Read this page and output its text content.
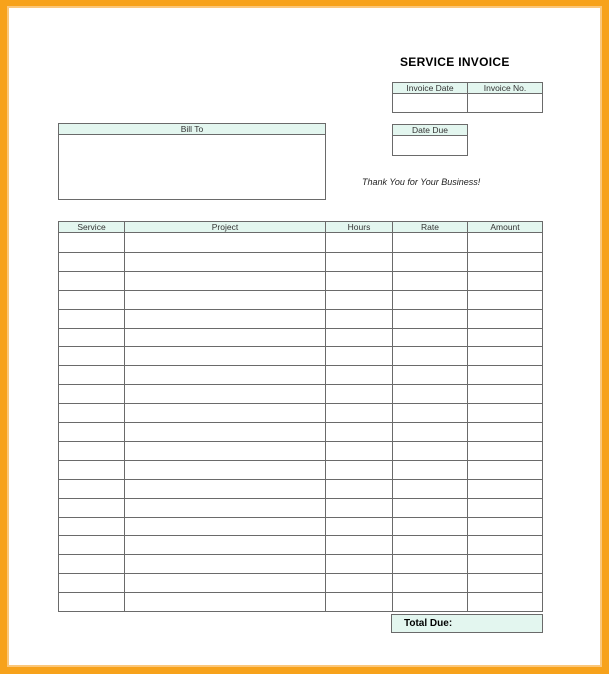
SERVICE INVOICE
Invoice Date	Invoice No.
Date Due
Bill To
Thank You for Your Business!
Service	Project	Hours	Rate	Amount
Total Due:
